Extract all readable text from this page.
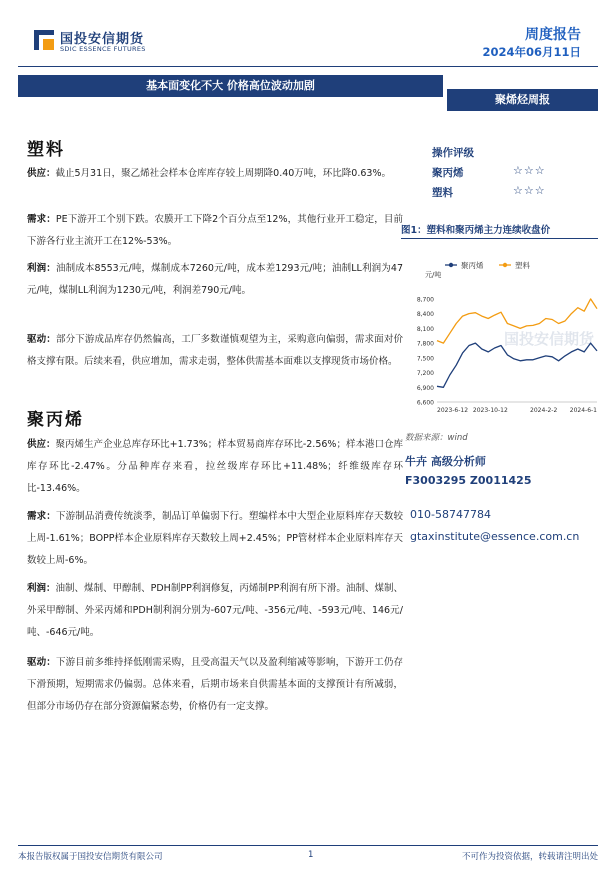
国投安信期货
SDIC ESSENCE FUTURES
周度报告
2024年06月11日
基本面变化不大 价格高位波动加剧
聚烯烃周报
塑料
供应：截止5月31日，聚乙烯社会样本仓库库存较上周期降0.40万吨，环比降0.63%。
需求：PE下游开工个别下跌。农膜开工下降2个百分点至12%，其他行业开工稳定，目前下游各行业主流开工在12%-53%。
利润：油制成本8553元/吨，煤制成本7260元/吨，成本差1293元/吨；油制LL利润为47元/吨，煤制LL利润为1230元/吨，利润差790元/吨。
驱动：部分下游成品库存仍然偏高，工厂多数谨慎观望为主，采购意向偏弱，需求面对价格支撑有限。后续来看，供应增加，需求走弱，整体供需基本面难以支撑现货市场价格。
聚丙烯
供应：聚丙烯生产企业总库存环比+1.73%；样本贸易商库存环比-2.56%；样本港口仓库库存环比-2.47%。分品种库存来看，拉丝级库存环比+11.48%；纤维级库存环比-13.46%。
需求：下游制品消费传统淡季，制品订单偏弱下行。塑编样本中大型企业原料库存天数较上周-1.61%；BOPP样本企业原料库存天数较上周+2.45%；PP管材样本企业原料库存天数较上周-6%。
利润：油制、煤制、甲醇制、PDH制PP利润修复，丙烯制PP利润有所下滑。油制、煤制、外采甲醇制、外采丙烯和PDH制利润分别为-607元/吨、-356元/吨、-593元/吨、146元/吨、-646元/吨。
驱动：下游目前多维持择低刚需采购，且受高温天气以及盈利缩减等影响，下游开工仍存下滑预期，短期需求仍偏弱。总体来看，后期市场来自供需基本面的支撑预计有所减弱，但部分市场仍存在部分资源偏紧态势，价格仍有一定支撑。
操作评级
聚丙烯	☆☆☆
塑料	☆☆☆
图1：塑料和聚丙烯主力连续收盘价
国投安信期货
聚丙烯	塑料
元/吨
6,600
6,900
7,200
7,500
7,800
8,100
8,400
8,700
2023-6-12 2023-10-12	2024-2-2 2024-6-1
数据来源：wind
牛卉 高级分析师
F3003295 Z0011425
010-58747784
gtaxinstitute@essence.com.cn
本报告版权属于国投安信期货有限公司	1	不可作为投资依据，转载请注明出处
